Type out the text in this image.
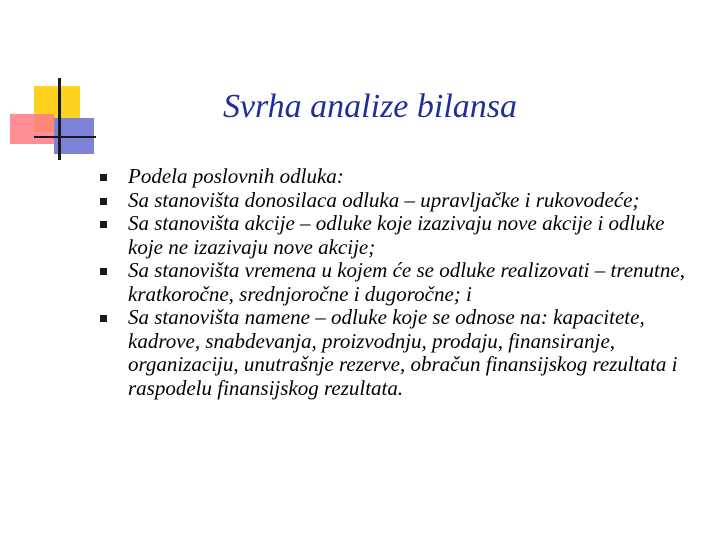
Svrha analize bilansa
Podela poslovnih odluka:
Sa stanovišta donosilaca odluka – upravljačke i rukovodeće;
Sa stanovišta akcije – odluke koje izazivaju nove akcije i odluke koje ne izazivaju nove akcije;
Sa stanovišta vremena u kojem će se odluke realizovati – trenutne, kratkoročne, srednjoročne i dugoročne; i
Sa stanovišta namene – odluke koje se odnose na: kapacitete, kadrove, snabdevanja, proizvodnju, prodaju, finansiranje, organizaciju, unutrašnje rezerve, obračun finansijskog rezultata i raspodelu finansijskog rezultata.
